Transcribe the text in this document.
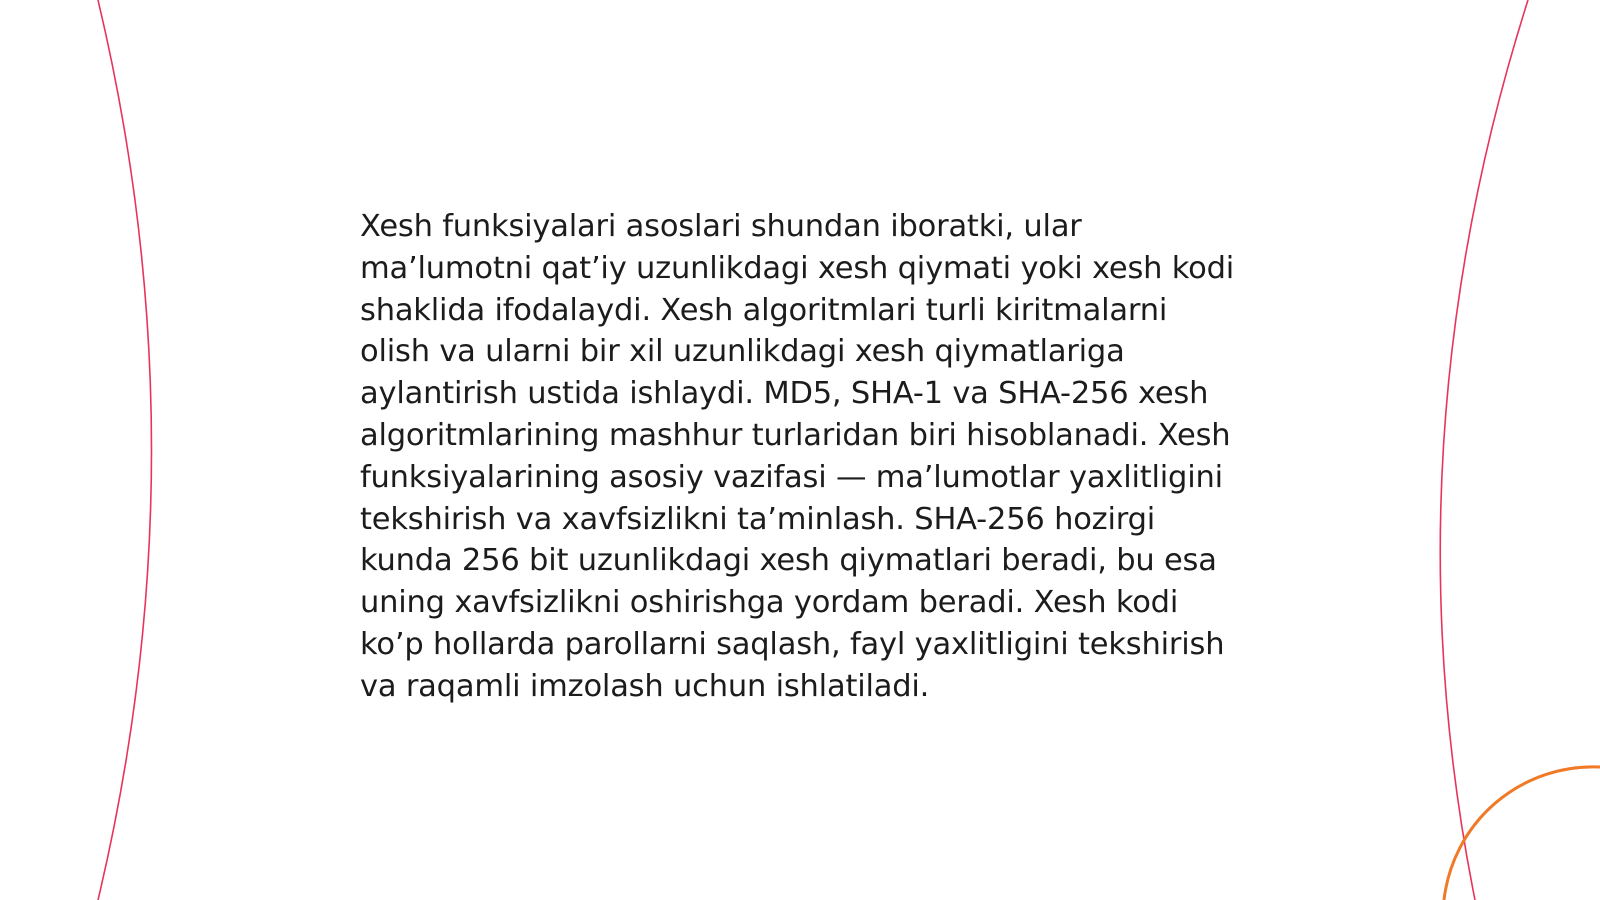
Xesh funksiyalari asoslari shundan iboratki, ular ma’lumotni qat’iy uzunlikdagi xesh qiymati yoki xesh kodi shaklida ifodalaydi. Xesh algoritmlari turli kiritmalarni olish va ularni bir xil uzunlikdagi xesh qiymatlariga aylantirish ustida ishlaydi. MD5, SHA-1 va SHA-256 xesh algoritmlarining mashhur turlaridan biri hisoblanadi. Xesh funksiyalarining asosiy vazifasi — ma’lumotlar yaxlitligini tekshirish va xavfsizlikni ta’minlash. SHA-256 hozirgi kunda 256 bit uzunlikdagi xesh qiymatlari beradi, bu esa uning xavfsizlikni oshirishga yordam beradi. Xesh kodi ko’p hollarda parollarni saqlash, fayl yaxlitligini tekshirish va raqamli imzolash uchun ishlatiladi.
